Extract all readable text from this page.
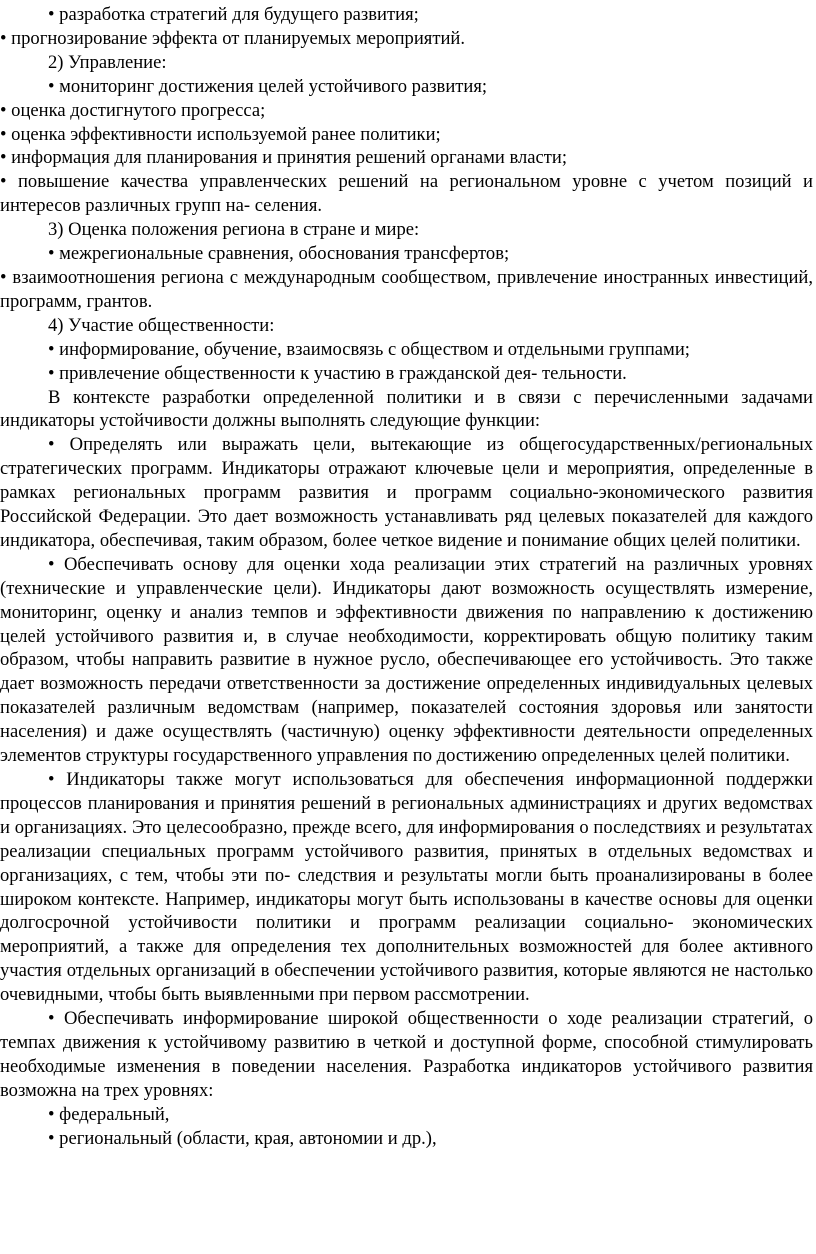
• разработка стратегий для будущего развития;

• прогнозирование эффекта от планируемых мероприятий.

2) Управление:

• мониторинг достижения целей устойчивого развития;

• оценка достигнутого прогресса;

• оценка эффективности используемой ранее политики;

• информация для планирования и принятия решений органами власти;

• повышение качества управленческих решений на региональном уровне с учетом позиций и интересов различных групп на- селения.

3) Оценка положения региона в стране и мире:

• межрегиональные сравнения, обоснования трансфертов;

• взаимоотношения региона с международным сообществом, привлечение иностранных инвестиций, программ, грантов.

4) Участие общественности:

• информирование, обучение, взаимосвязь с обществом и отдельными группами;

• привлечение общественности к участию в гражданской дея- тельности.

В контексте разработки определенной политики и в связи с перечисленными задачами индикаторы устойчивости должны выполнять следующие функции:

• Определять или выражать цели, вытекающие из общегосударственных/региональных стратегических программ. Индикаторы отражают ключевые цели и мероприятия, определенные в рамках региональных программ развития и программ социально-экономического развития Российской Федерации. Это дает возможность устанавливать ряд целевых показателей для каждого индикатора, обеспечивая, таким образом, более четкое видение и понимание общих целей политики.

• Обеспечивать основу для оценки хода реализации этих стратегий на различных уровнях (технические и управленческие цели). Индикаторы дают возможность осуществлять измерение, мониторинг, оценку и анализ темпов и эффективности движения по направлению к достижению целей устойчивого развития и, в случае необходимости, корректировать общую политику таким образом, чтобы направить развитие в нужное русло, обеспечивающее его устойчивость. Это также дает возможность передачи ответственности за достижение определенных индивидуальных целевых показателей различным ведомствам (например, показателей состояния здоровья или занятости населения) и даже осуществлять (частичную) оценку эффективности деятельности определенных элементов структуры государственного управления по достижению определенных целей политики.

• Индикаторы также могут использоваться для обеспечения информационной поддержки процессов планирования и принятия решений в региональных администрациях и других ведомствах и организациях. Это целесообразно, прежде всего, для информирования о последствиях и результатах реализации специальных программ устойчивого развития, принятых в отдельных ведомствах и организациях, с тем, чтобы эти по- следствия и результаты могли быть проанализированы в более широком контексте. Например, индикаторы могут быть использованы в качестве основы для оценки долгосрочной устойчивости политики и программ реализации социально- экономических мероприятий, а также для определения тех дополнительных возможностей для более активного участия отдельных организаций в обеспечении устойчивого развития, которые являются не настолько очевидными, чтобы быть выявленными при первом рассмотрении.

• Обеспечивать информирование широкой общественности о ходе реализации стратегий, о темпах движения к устойчивому развитию в четкой и доступной форме, способной стимулировать необходимые изменения в поведении населения. Разработка индикаторов устойчивого развития возможна на трех уровнях:

• федеральный,

• региональный (области, края, автономии и др.),
